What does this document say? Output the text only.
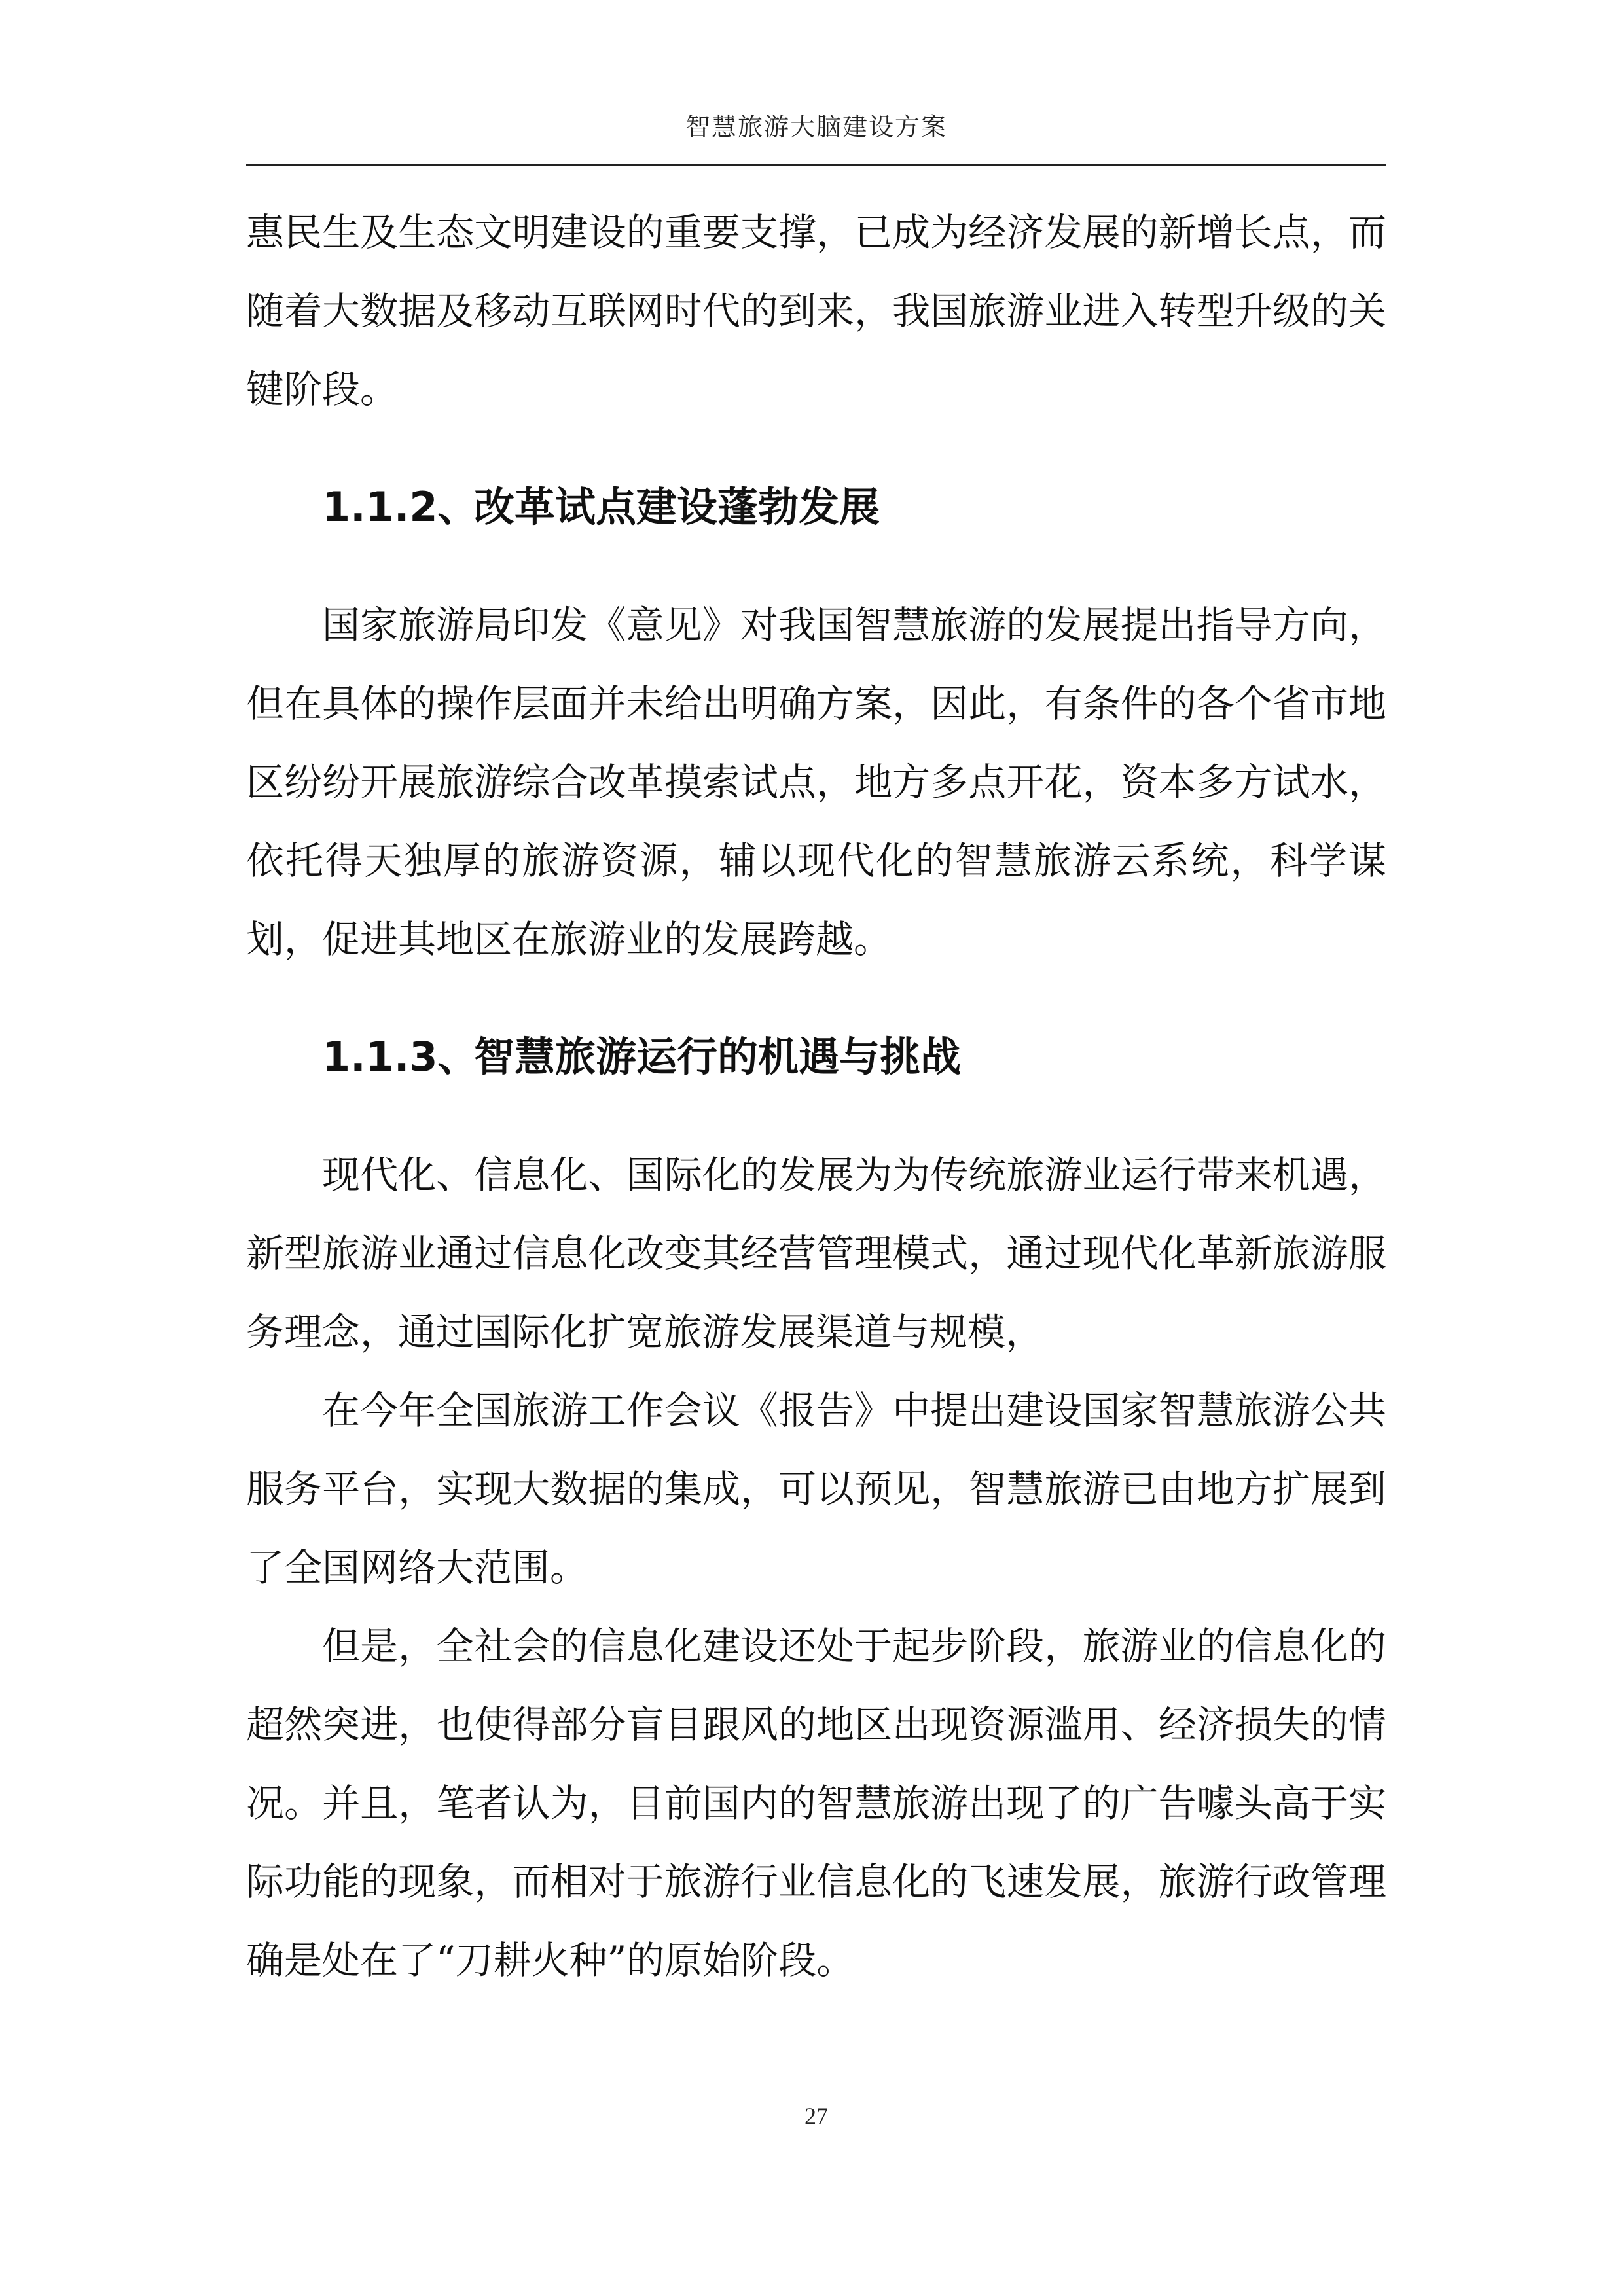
智慧旅游大脑建设方案

惠民生及生态文明建设的重要支撑，已成为经济发展的新增长点，而随着大数据及移动互联网时代的到来，我国旅游业进入转型升级的关键阶段。

1.1.2、改革试点建设蓬勃发展

国家旅游局印发《意见》对我国智慧旅游的发展提出指导方向，但在具体的操作层面并未给出明确方案，因此，有条件的各个省市地区纷纷开展旅游综合改革摸索试点，地方多点开花，资本多方试水，依托得天独厚的旅游资源，辅以现代化的智慧旅游云系统，科学谋划，促进其地区在旅游业的发展跨越。

1.1.3、智慧旅游运行的机遇与挑战

现代化、信息化、国际化的发展为为传统旅游业运行带来机遇，新型旅游业通过信息化改变其经营管理模式，通过现代化革新旅游服务理念，通过国际化扩宽旅游发展渠道与规模，

在今年全国旅游工作会议《报告》中提出建设国家智慧旅游公共服务平台，实现大数据的集成，可以预见，智慧旅游已由地方扩展到了全国网络大范围。

但是，全社会的信息化建设还处于起步阶段，旅游业的信息化的超然突进，也使得部分盲目跟风的地区出现资源滥用、经济损失的情况。并且，笔者认为，目前国内的智慧旅游出现了的广告噱头高于实际功能的现象，而相对于旅游行业信息化的飞速发展，旅游行政管理确是处在了“刀耕火种”的原始阶段。

27
